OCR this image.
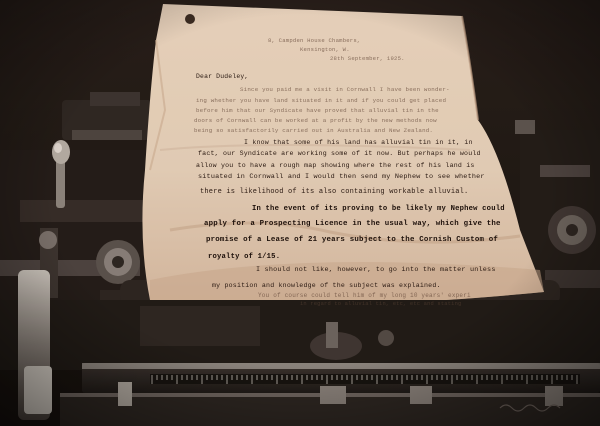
8, Campden House Chambers,
Kensington, W.
28th September, 1925.
Dear Dudeley,
Since you paid me a visit in Cornwall I have been wonder-
ing whether you have land situated in it and if you could get placed
before him that our Syndicate have proved that alluvial tin in the
doors of Cornwall can be worked at a profit by the new methods now
being so satisfactorily carried out in Australia and New Zealand.
I know that some of his land has alluvial tin in it, in
fact, our Syndicate are working some of it now. But perhaps he would
allow you to have a rough map showing where the rest of his land is
situated in Cornwall and I would then send my Nephew to see whether
there is likelihood of its also containing workable alluvial.
In the event of its proving to be likely my Nephew could
apply for a Prospecting Licence in the usual way, which give the
promise of a Lease of 21 years subject to the Cornish Custom of
royalty of 1/15.
I should not like, however, to go into the matter unless
my position and knowledge of the subject was explained.
You of course could tell him of my long 10 years' experi
in regard to alluvial tin, etc, etc and stating
